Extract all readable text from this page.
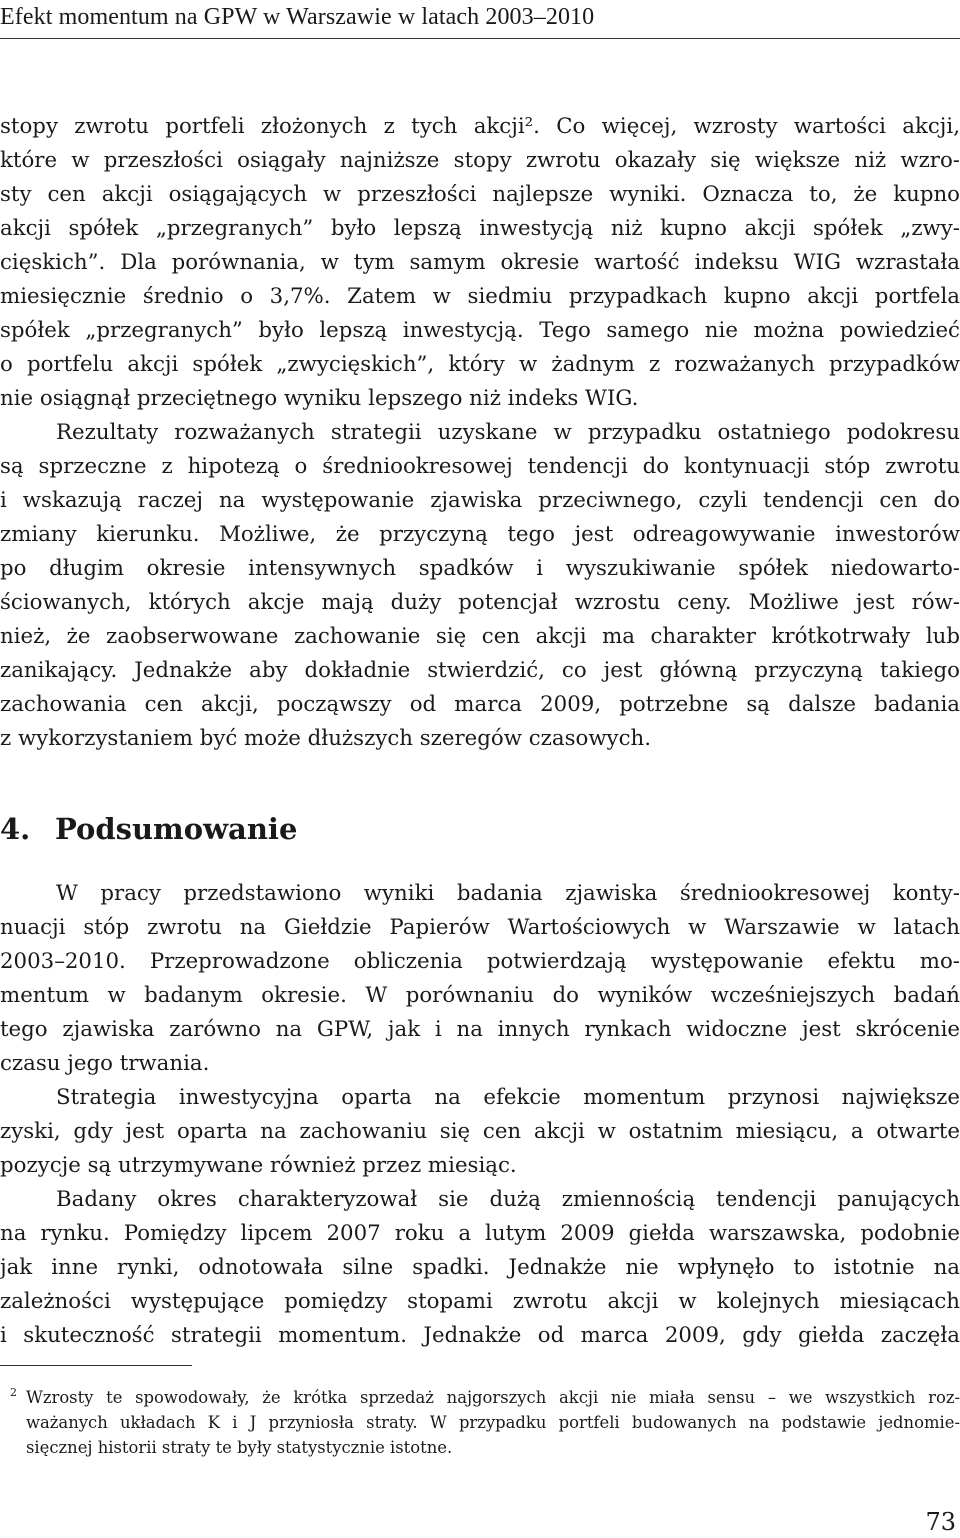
Efekt momentum na GPW w Warszawie w latach 2003–2010
stopy zwrotu portfeli złożonych z tych akcji². Co więcej, wzrosty wartości akcji,
które w przeszłości osiągały najniższe stopy zwrotu okazały się większe niż wzro-
sty cen akcji osiągających w przeszłości najlepsze wyniki. Oznacza to, że kupno
akcji spółek „przegranych” było lepszą inwestycją niż kupno akcji spółek „zwy-
cięskich”. Dla porównania, w tym samym okresie wartość indeksu WIG wzrastała
miesięcznie średnio o 3,7%. Zatem w siedmiu przypadkach kupno akcji portfela
spółek „przegranych” było lepszą inwestycją. Tego samego nie można powiedzieć
o portfelu akcji spółek „zwycięskich”, który w żadnym z rozważanych przypadków
nie osiągnął przeciętnego wyniku lepszego niż indeks WIG.
Rezultaty rozważanych strategii uzyskane w przypadku ostatniego podokresu
są sprzeczne z hipotezą o średniookresowej tendencji do kontynuacji stóp zwrotu
i wskazują raczej na występowanie zjawiska przeciwnego, czyli tendencji cen do
zmiany kierunku. Możliwe, że przyczyną tego jest odreagowywanie inwestorów
po długim okresie intensywnych spadków i wyszukiwanie spółek niedowarto-
ściowanych, których akcje mają duży potencjał wzrostu ceny. Możliwe jest rów-
nież, że zaobserwowane zachowanie się cen akcji ma charakter krótkotrwały lub
zanikający. Jednakże aby dokładnie stwierdzić, co jest główną przyczyną takiego
zachowania cen akcji, począwszy od marca 2009, potrzebne są dalsze badania
z wykorzystaniem być może dłuższych szeregów czasowych.
4. Podsumowanie
W pracy przedstawiono wyniki badania zjawiska średniookresowej konty-
nuacji stóp zwrotu na Giełdzie Papierów Wartościowych w Warszawie w latach
2003–2010. Przeprowadzone obliczenia potwierdzają występowanie efektu mo-
mentum w badanym okresie. W porównaniu do wyników wcześniejszych badań
tego zjawiska zarówno na GPW, jak i na innych rynkach widoczne jest skrócenie
czasu jego trwania.
Strategia inwestycyjna oparta na efekcie momentum przynosi największe
zyski, gdy jest oparta na zachowaniu się cen akcji w ostatnim miesiącu, a otwarte
pozycje są utrzymywane również przez miesiąc.
Badany okres charakteryzował sie dużą zmiennością tendencji panujących
na rynku. Pomiędzy lipcem 2007 roku a lutym 2009 giełda warszawska, podobnie
jak inne rynki, odnotowała silne spadki. Jednakże nie wpłynęło to istotnie na
zależności występujące pomiędzy stopami zwrotu akcji w kolejnych miesiącach
i skuteczność strategii momentum. Jednakże od marca 2009, gdy giełda zaczęła
2 Wzrosty te spowodowały, że krótka sprzedaż najgorszych akcji nie miała sensu – we wszystkich roz-
ważanych układach K i J przyniosła straty. W przypadku portfeli budowanych na podstawie jednomie-
sięcznej historii straty te były statystycznie istotne.
73
